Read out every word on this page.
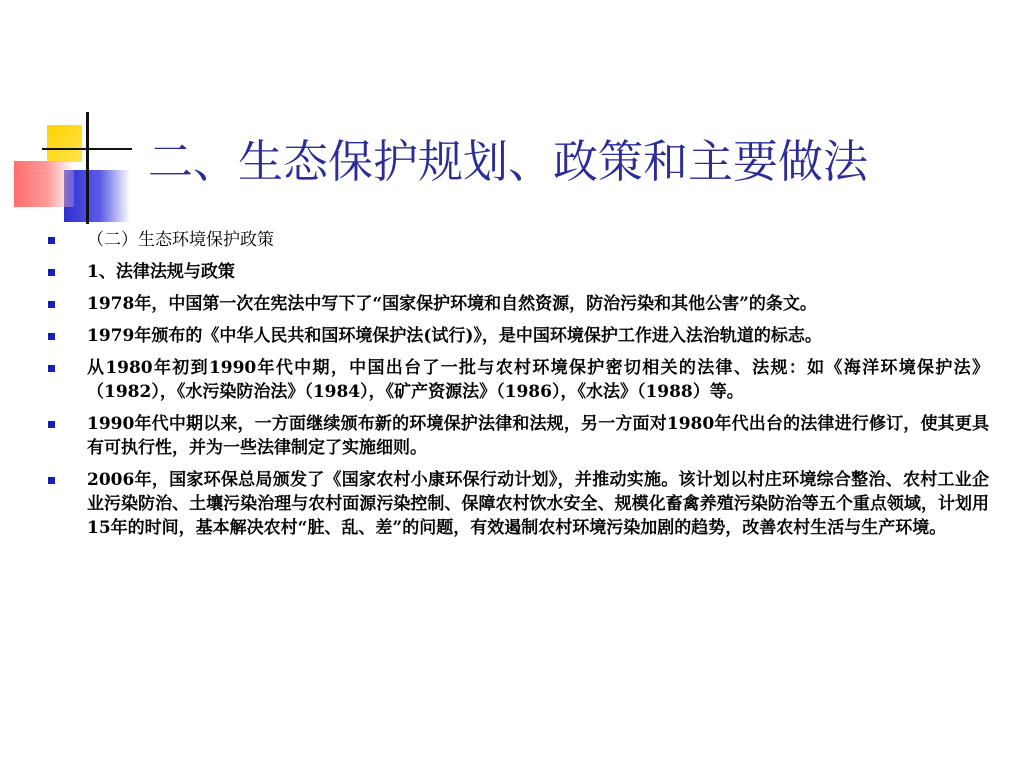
二、生态保护规划、政策和主要做法
（二）生态环境保护政策
1、法律法规与政策
1978年，中国第一次在宪法中写下了“国家保护环境和自然资源，防治污染和其他公害”的条文。
1979年颁布的《中华人民共和国环境保护法(试行)》，是中国环境保护工作进入法治轨道的标志。
从1980年初到1990年代中期，中国出台了一批与农村环境保护密切相关的法律、法规：如《海洋环境保护法》（1982），《水污染防治法》（1984），《矿产资源法》（1986），《水法》（1988）等。
1990年代中期以来，一方面继续颁布新的环境保护法律和法规，另一方面对1980年代出台的法律进行修订，使其更具有可执行性，并为一些法律制定了实施细则。
2006年，国家环保总局颁发了《国家农村小康环保行动计划》，并推动实施。该计划以村庄环境综合整治、农村工业企业污染防治、土壤污染治理与农村面源污染控制、保障农村饮水安全、规模化畜禽养殖污染防治等五个重点领域，计划用15年的时间，基本解决农村“脏、乱、差”的问题，有效遏制农村环境污染加剧的趋势，改善农村生活与生产环境。
